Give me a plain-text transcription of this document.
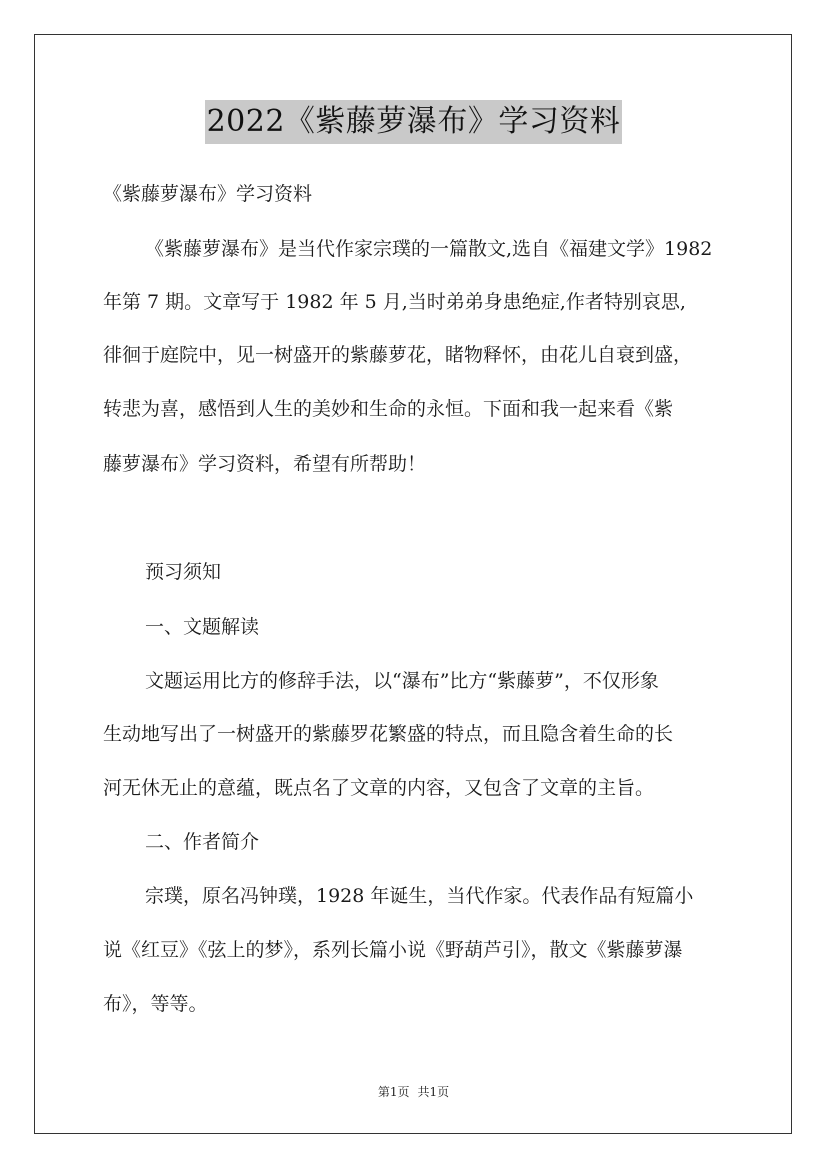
2022《紫藤萝瀑布》学习资料
《紫藤萝瀑布》学习资料
《紫藤萝瀑布》是当代作家宗璞的一篇散文,选自《福建文学》1982
年第 7 期。文章写于 1982 年 5 月,当时弟弟身患绝症,作者特别哀思,
徘徊于庭院中，见一树盛开的紫藤萝花，睹物释怀，由花儿自衰到盛，
转悲为喜，感悟到人生的美妙和生命的永恒。下面和我一起来看《紫
藤萝瀑布》学习资料，希望有所帮助！
预习须知
一、文题解读
文题运用比方的修辞手法，以“瀑布”比方“紫藤萝”，不仅形象
生动地写出了一树盛开的紫藤罗花繁盛的特点，而且隐含着生命的长
河无休无止的意蕴，既点名了文章的内容，又包含了文章的主旨。
二、作者简介
宗璞，原名冯钟璞，1928 年诞生，当代作家。代表作品有短篇小
说《红豆》《弦上的梦》，系列长篇小说《野葫芦引》，散文《紫藤萝瀑
布》，等等。
第1页 共1页
